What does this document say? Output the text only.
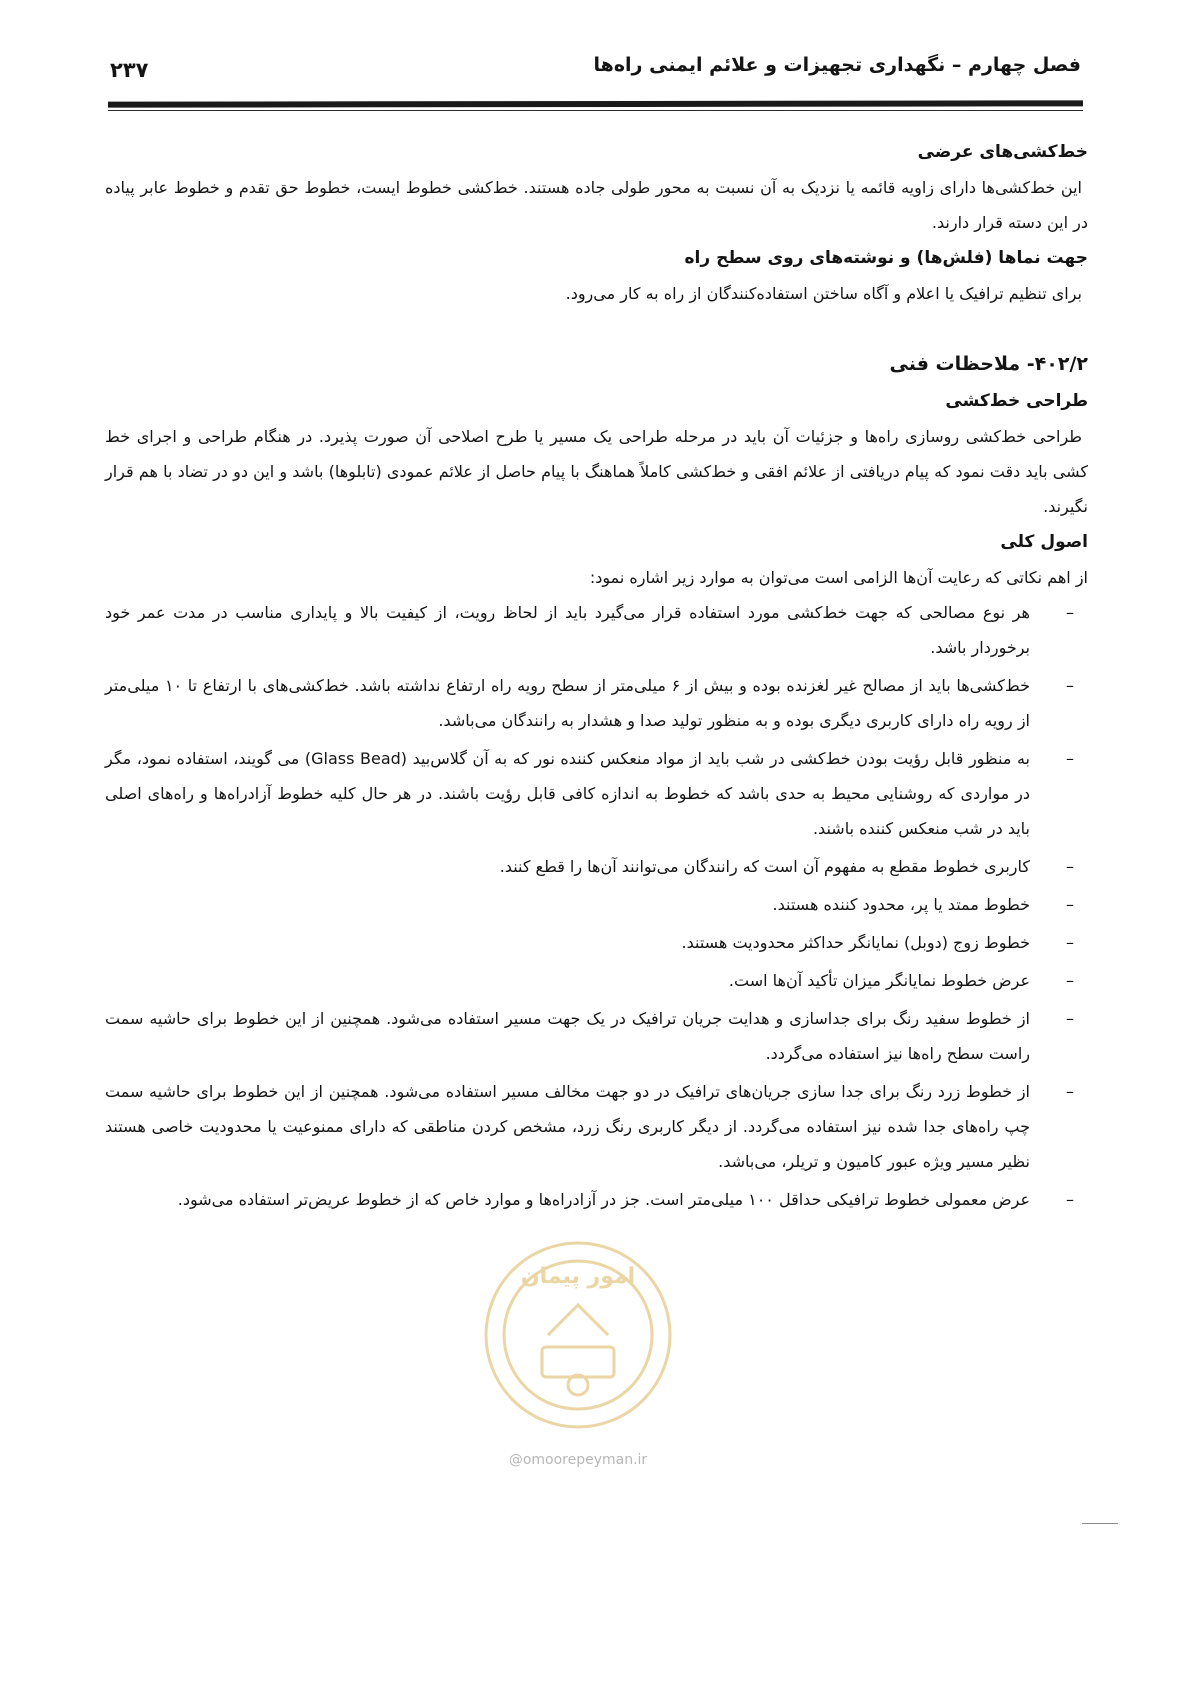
فصل چهارم – نگهداری تجهیزات و علائم ایمنی راه‌ها
۲۳۷
خط‌کشی‌های عرضی

این خط‌کشی‌ها دارای زاویه قائمه یا نزدیک به آن نسبت به محور طولی جاده هستند. خط‌کشی خطوط ایست، خطوط حق تقدم و خطوط عابر پیاده در این دسته قرار دارند.

جهت نماها (فلش‌ها) و نوشته‌های روی سطح راه

برای تنظیم ترافیک یا اعلام و آگاه ساختن استفاده‌کنندگان از راه به کار می‌رود.

۴۰۲/۲- ملاحظات فنی
طراحی خط‌کشی

طراحی خط‌کشی روسازی راه‌ها و جزئیات آن باید در مرحله طراحی یک مسیر یا طرح اصلاحی آن صورت پذیرد. در هنگام طراحی و اجرای خط کشی باید دقت نمود که پیام دریافتی از علائم افقی و خط‌کشی کاملاً هماهنگ با پیام حاصل از علائم عمودی (تابلوها) باشد و این دو در تضاد با هم قرار نگیرند.

اصول کلی

از اهم نکاتی که رعایت آن‌ها الزامی است می‌توان به موارد زیر اشاره نمود:

–
هر نوع مصالحی که جهت خط‌کشی مورد استفاده قرار می‌گیرد باید از لحاظ رویت، از کیفیت بالا و پایداری مناسب در مدت عمر خود برخوردار باشد.
–
خط‌کشی‌ها باید از مصالح غیر لغزنده بوده و بیش از ۶ میلی‌متر از سطح رویه راه ارتفاع نداشته باشد. خط‌کشی‌های با ارتفاع تا ۱۰ میلی‌متر از رویه راه دارای کاربری دیگری بوده و به منظور تولید صدا و هشدار به رانندگان می‌باشد.
–
به منظور قابل رؤیت بودن خط‌کشی در شب باید از مواد منعکس کننده نور که به آن گلاس‌بید (Glass Bead) می گویند، استفاده نمود، مگر در مواردی که روشنایی محیط به حدی باشد که خطوط به اندازه کافی قابل رؤیت باشند. در هر حال کلیه خطوط آزادراه‌ها و راه‌های اصلی باید در شب منعکس کننده باشند.
–
کاربری خطوط مقطع به مفهوم آن است که رانندگان می‌توانند آن‌ها را قطع کنند.
–
خطوط ممتد یا پر، محدود کننده هستند.
–
خطوط زوج (دوبل) نمایانگر حداکثر محدودیت هستند.
–
عرض خطوط نمایانگر میزان تأکید آن‌ها است.
–
از خطوط سفید رنگ برای جداسازی و هدایت جریان ترافیک در یک جهت مسیر استفاده می‌شود. همچنین از این خطوط برای حاشیه سمت راست سطح راه‌ها نیز استفاده می‌گردد.
–
از خطوط زرد رنگ برای جدا سازی جریان‌های ترافیک در دو جهت مخالف مسیر استفاده می‌شود. همچنین از این خطوط برای حاشیه سمت چپ راه‌های جدا شده نیز استفاده می‌گردد. از دیگر کاربری رنگ زرد، مشخص کردن مناطقی که دارای ممنوعیت یا محدودیت خاصی هستند نظیر مسیر ویژه عبور کامیون و تریلر، می‌باشد.
–
عرض معمولی خطوط ترافیکی حداقل ۱۰۰ میلی‌متر است. جز در آزادراه‌ها و موارد خاص که از خطوط عریض‌تر استفاده می‌شود.
امور پیمان
@omoorepeyman.ir
